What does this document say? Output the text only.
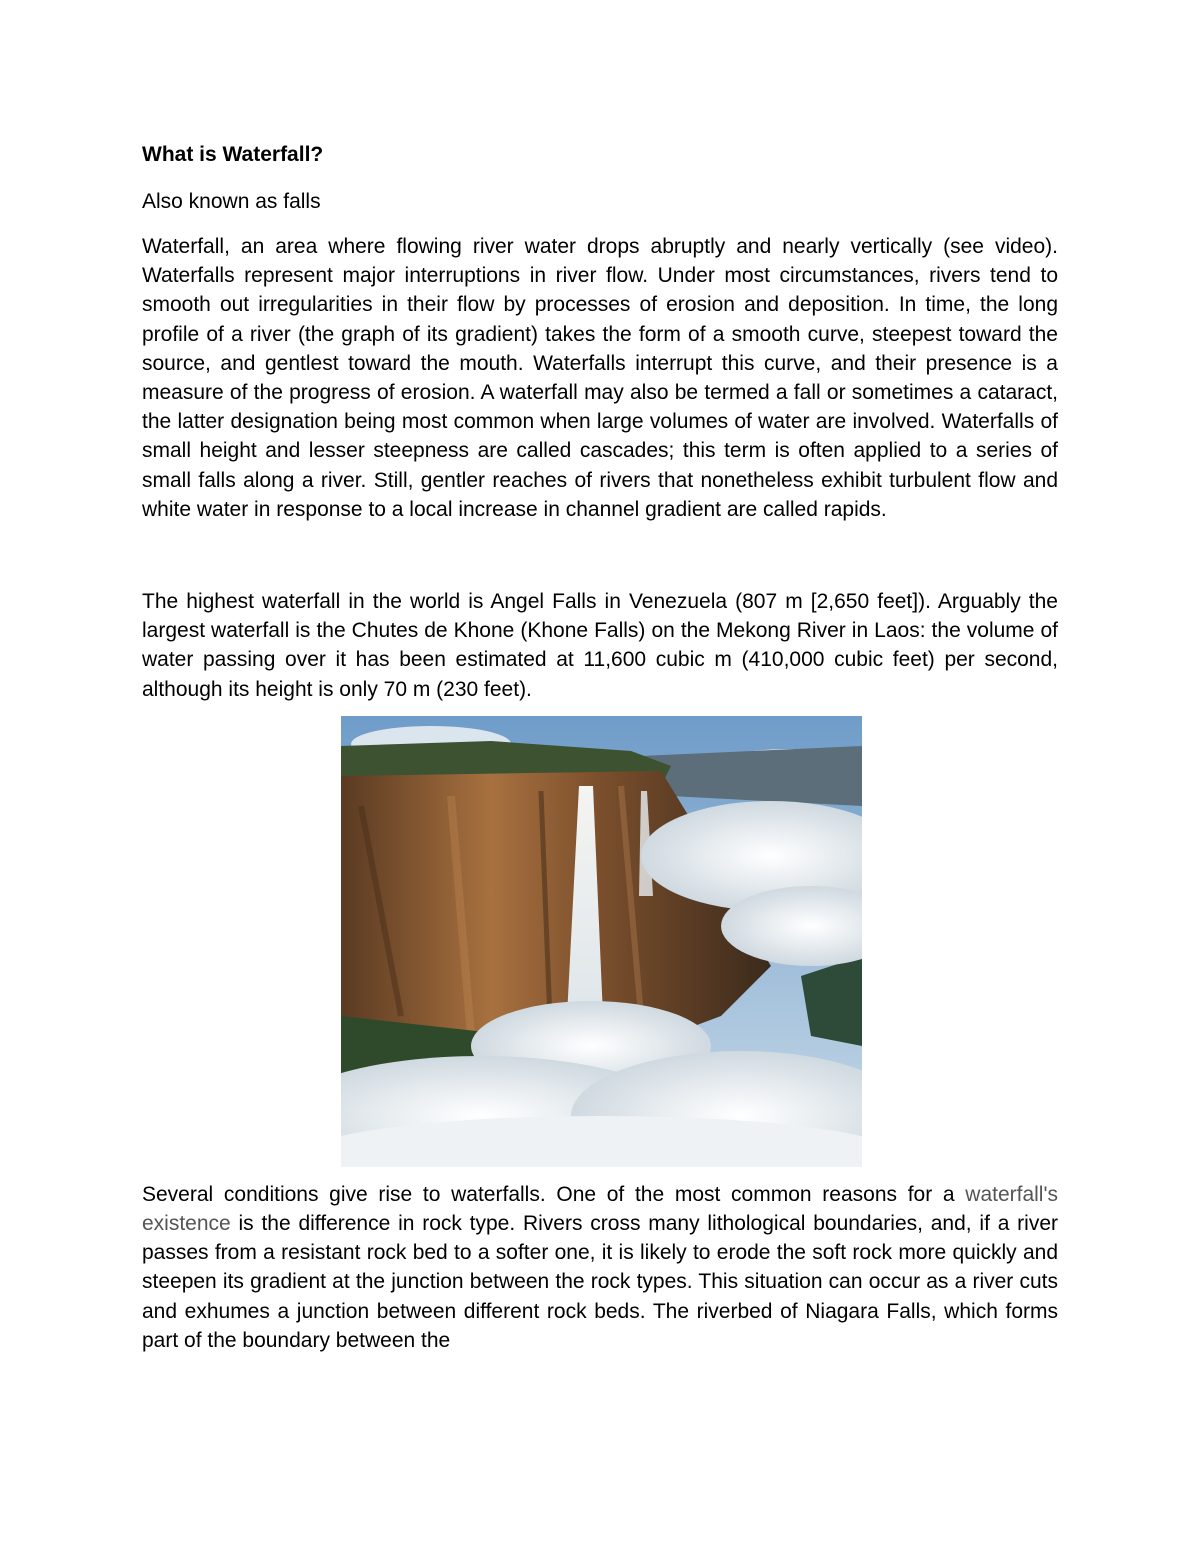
What is Waterfall?
Also known as falls

Waterfall, an area where flowing river water drops abruptly and nearly vertically (see video). Waterfalls represent major interruptions in river flow. Under most circumstances, rivers tend to smooth out irregularities in their flow by processes of erosion and deposition. In time, the long profile of a river (the graph of its gradient) takes the form of a smooth curve, steepest toward the source, and gentlest toward the mouth. Waterfalls interrupt this curve, and their presence is a measure of the progress of erosion. A waterfall may also be termed a fall or sometimes a cataract, the latter designation being most common when large volumes of water are involved. Waterfalls of small height and lesser steepness are called cascades; this term is often applied to a series of small falls along a river. Still, gentler reaches of rivers that nonetheless exhibit turbulent flow and white water in response to a local increase in channel gradient are called rapids.

The highest waterfall in the world is Angel Falls in Venezuela (807 m [2,650 feet]). Arguably the largest waterfall is the Chutes de Khone (Khone Falls) on the Mekong River in Laos: the volume of water passing over it has been estimated at 11,600 cubic m (410,000 cubic feet) per second, although its height is only 70 m (230 feet).

Several conditions give rise to waterfalls. One of the most common reasons for a waterfall's existence is the difference in rock type. Rivers cross many lithological boundaries, and, if a river passes from a resistant rock bed to a softer one, it is likely to erode the soft rock more quickly and steepen its gradient at the junction between the rock types. This situation can occur as a river cuts and exhumes a junction between different rock beds. The riverbed of Niagara Falls, which forms part of the boundary between the
